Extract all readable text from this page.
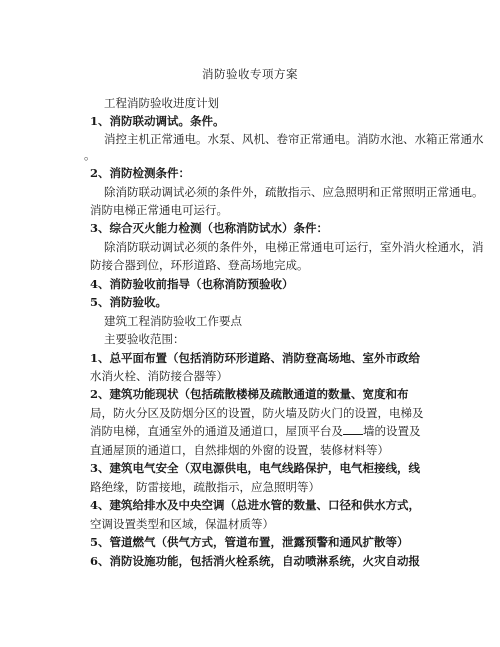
消防验收专项方案
工程消防验收进度计划
1、消防联动调试。条件。
消控主机正常通电。水泵、风机、卷帘正常通电。消防水池、水箱正常通水
。
2、消防检测条件：
除消防联动调试必须的条件外，疏散指示、应急照明和正常照明正常通电。
消防电梯正常通电可运行。
3、综合灭火能力检测（也称消防试水）条件：
除消防联动调试必须的条件外，电梯正常通电可运行，室外消火栓通水，消
防接合器到位，环形道路、登高场地完成。
4、消防验收前指导（也称消防预验收）
5、消防验收。
建筑工程消防验收工作要点
主要验收范围：
1、总平面布置（包括消防环形道路、消防登高场地、室外市政给
水消火栓、消防接合器等）
2、建筑功能现状（包括疏散楼梯及疏散通道的数量、宽度和布
局，防火分区及防烟分区的设置，防火墙及防火门的设置，电梯及
消防电梯，直通室外的通道及通道口，屋顶平台及 墙的设置及
直通屋顶的通道口，自然排烟的外窗的设置，装修材料等）
3、建筑电气安全（双电源供电，电气线路保护，电气柜接线，线
路绝缘，防雷接地，疏散指示，应急照明等）
4、建筑给排水及中央空调（总进水管的数量、口径和供水方式，
空调设置类型和区域，保温材质等）
5、管道燃气（供气方式，管道布置，泄露预警和通风扩散等）
6、消防设施功能，包括消火栓系统，自动喷淋系统，火灾自动报
